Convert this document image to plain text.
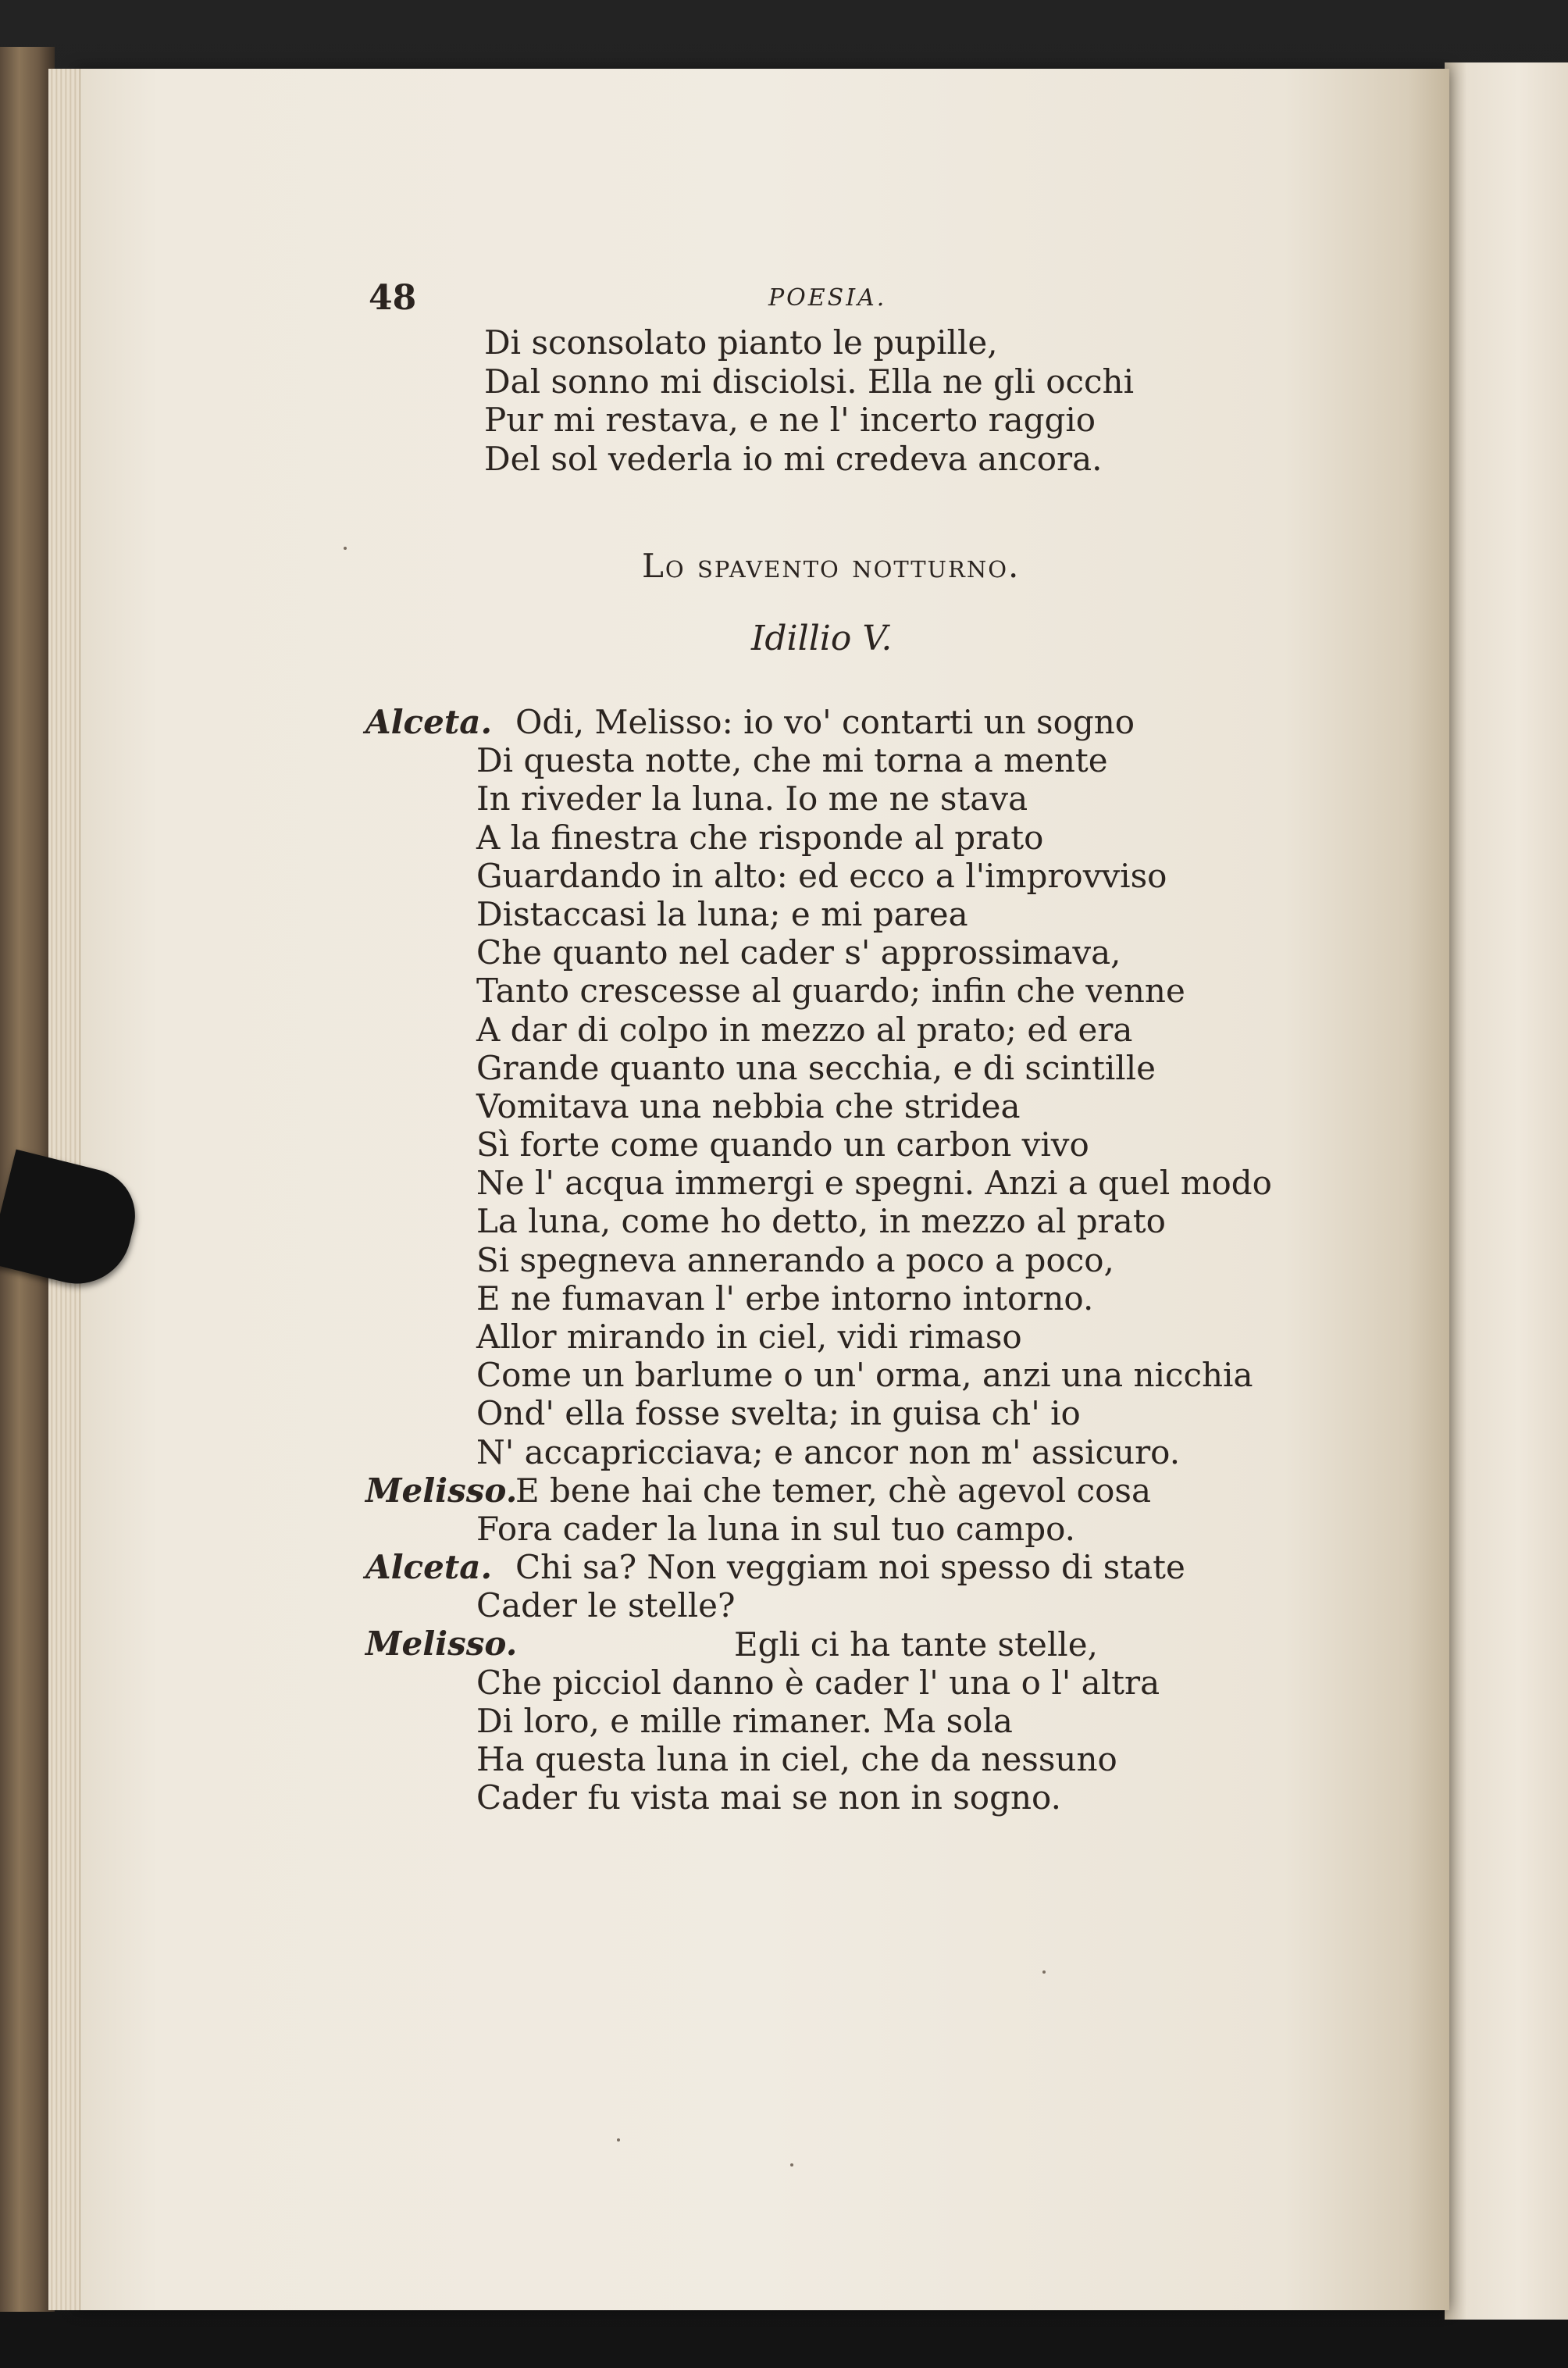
48	POESIA.
Di sconsolato pianto le pupille,
Dal sonno mi disciolsi. Ella ne gli occhi
Pur mi restava, e ne l' incerto raggio
Del sol vederla io mi credeva ancora.
Lo spavento notturno.
Idillio V.
Alceta.
Melisso.
Alceta.
Melisso.
Odi, Melisso: io vo' contarti un sogno
Di questa notte, che mi torna a mente
In riveder la luna. Io me ne stava
A la finestra che risponde al prato
Guardando in alto: ed ecco a l'improvviso
Distaccasi la luna; e mi parea
Che quanto nel cader s' approssimava,
Tanto crescesse al guardo; infin che venne
A dar di colpo in mezzo al prato; ed era
Grande quanto una secchia, e di scintille
Vomitava una nebbia che stridea
Sì forte come quando un carbon vivo
Ne l' acqua immergi e spegni. Anzi a quel modo
La luna, come ho detto, in mezzo al prato
Si spegneva annerando a poco a poco,
E ne fumavan l' erbe intorno intorno.
Allor mirando in ciel, vidi rimaso
Come un barlume o un' orma, anzi una nicchia
Ond' ella fosse svelta; in guisa ch' io
N' accapricciava; e ancor non m' assicuro.
E bene hai che temer, chè agevol cosa
Fora cader la luna in sul tuo campo.
Chi sa? Non veggiam noi spesso di state
Cader le stelle?
Egli ci ha tante stelle,
Che picciol danno è cader l' una o l' altra
Di loro, e mille rimaner. Ma sola
Ha questa luna in ciel, che da nessuno
Cader fu vista mai se non in sogno.
